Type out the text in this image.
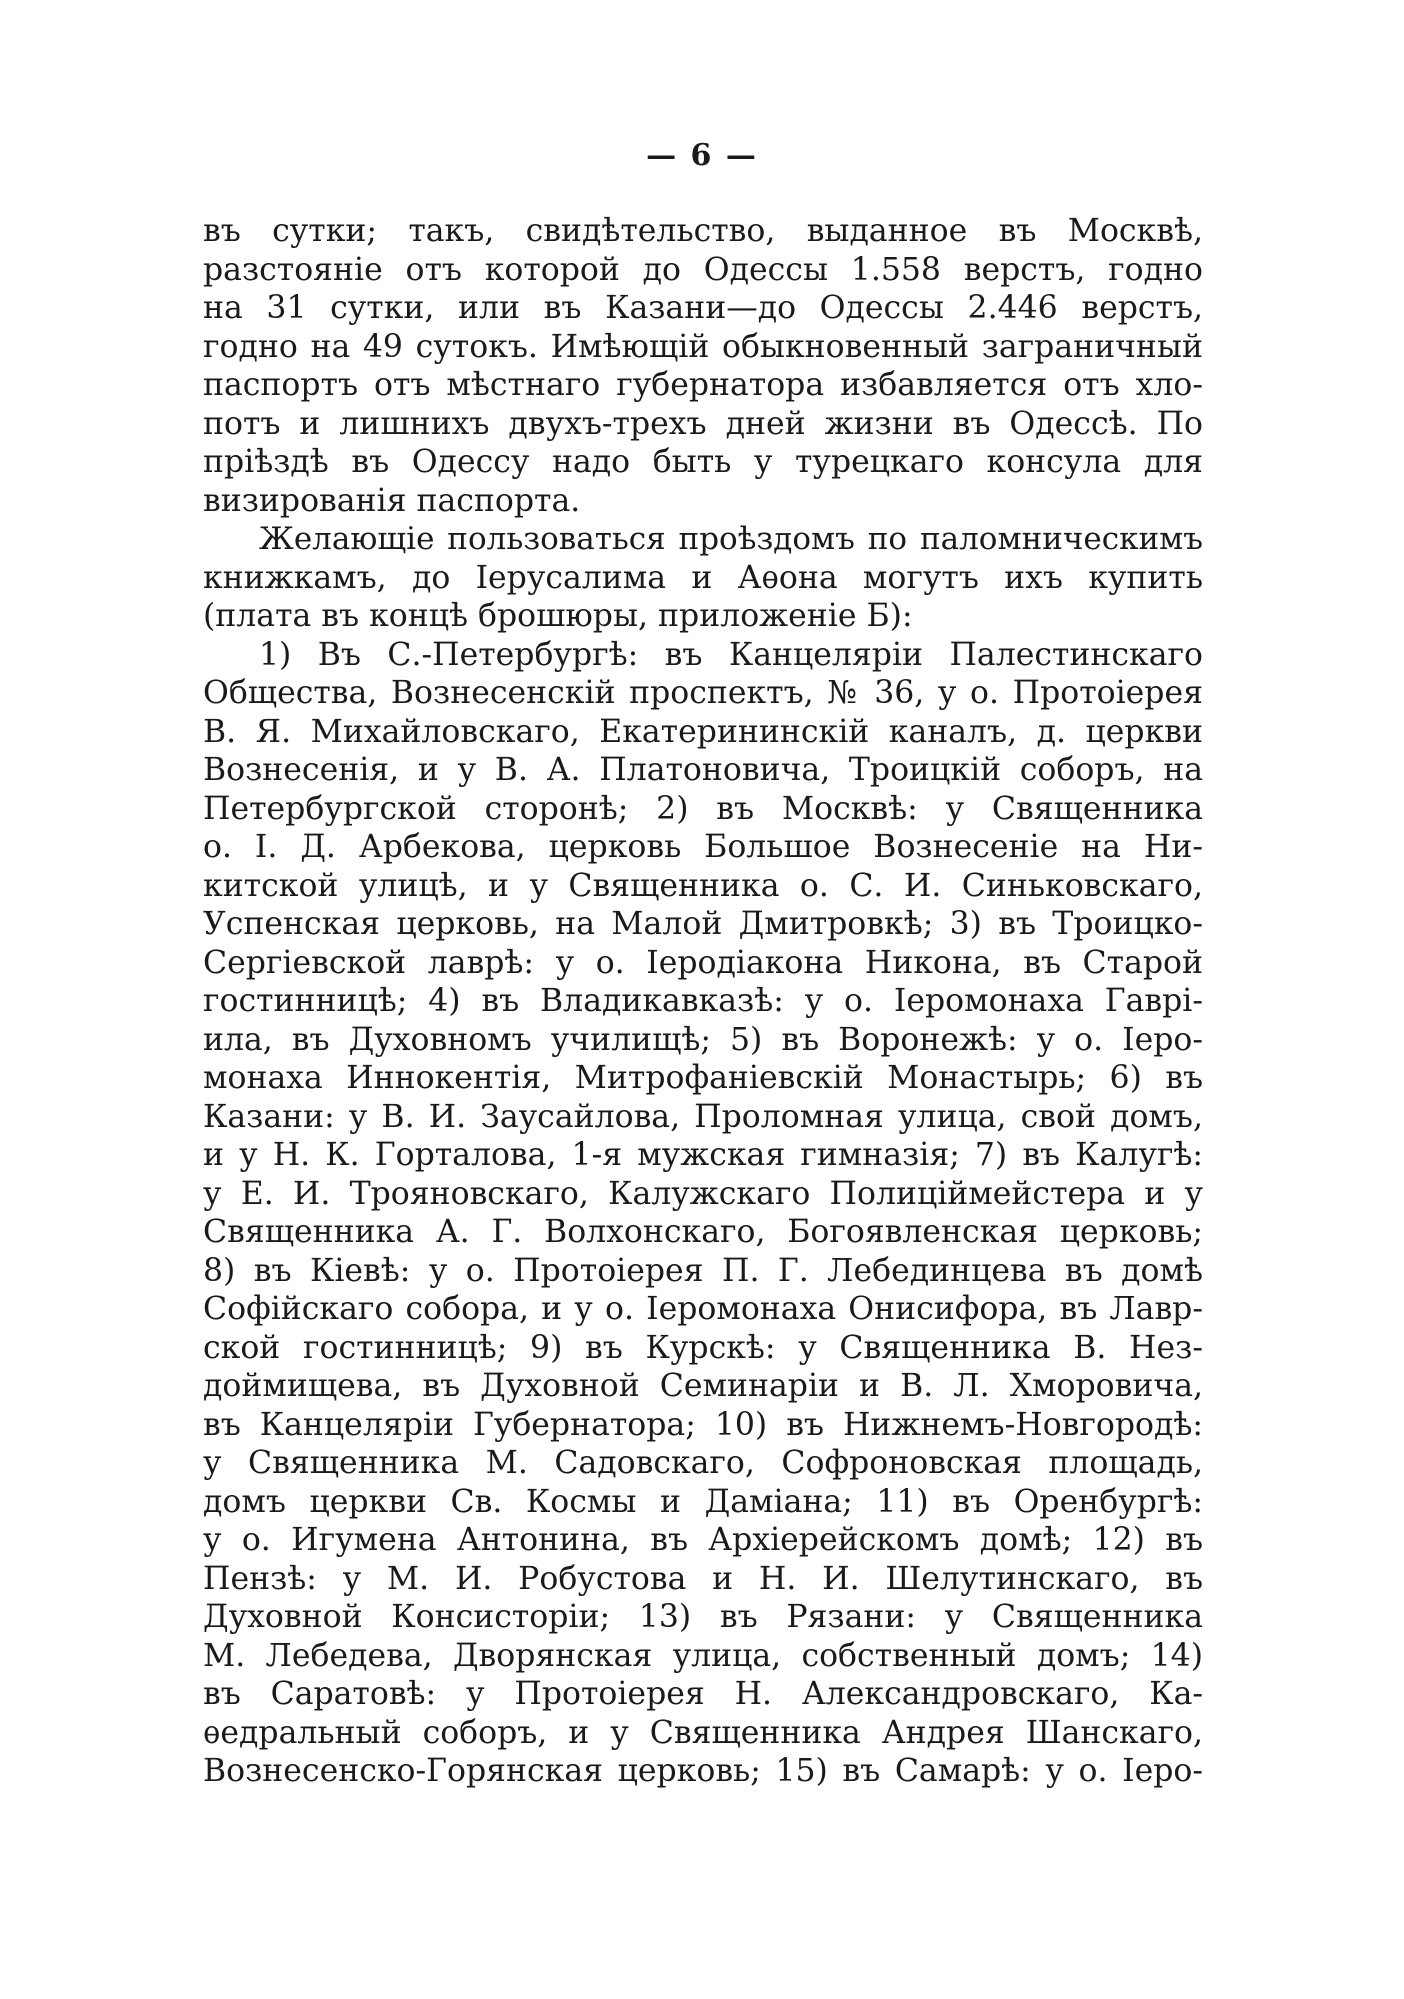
— 6 —
въ сутки; такъ, свидѣтельство, выданное въ Москвѣ,
разстояніе отъ которой до Одессы 1.558 верстъ, годно
на 31 сутки, или въ Казани—до Одессы 2.446 верстъ,
годно на 49 сутокъ. Имѣющій обыкновенный заграничный
паспортъ отъ мѣстнаго губернатора избавляется отъ хло-
потъ и лишнихъ двухъ-трехъ дней жизни въ Одессѣ. По
пріѣздѣ въ Одессу надо быть у турецкаго консула для
визированія паспорта.
Желающіе пользоваться проѣздомъ по паломническимъ
книжкамъ, до Іерусалима и Аѳона могутъ ихъ купить
(плата въ концѣ брошюры, приложеніе Б):
1) Въ С.-Петербургѣ: въ Канцеляріи Палестинскаго
Общества, Вознесенскій проспектъ, № 36, у о. Протоіерея
В. Я. Михайловскаго, Екатерининскій каналъ, д. церкви
Вознесенія, и у В. А. Платоновича, Троицкій соборъ, на
Петербургской сторонѣ; 2) въ Москвѣ: у Священника
о. І. Д. Арбекова, церковь Большое Вознесеніе на Ни-
китской улицѣ, и у Священника о. С. И. Синьковскаго,
Успенская церковь, на Малой Дмитровкѣ; 3) въ Троицко-
Сергіевской лаврѣ: у о. Іеродіакона Никона, въ Старой
гостинницѣ; 4) въ Владикавказѣ: у о. Іеромонаха Гаврі-
ила, въ Духовномъ училищѣ; 5) въ Воронежѣ: у о. Іеро-
монаха Иннокентія, Митрофаніевскій Монастырь; 6) въ
Казани: у В. И. Заусайлова, Проломная улица, свой домъ,
и у Н. К. Горталова, 1-я мужская гимназія; 7) въ Калугѣ:
у Е. И. Трояновскаго, Калужскаго Полиціймейстера и у
Священника А. Г. Волхонскаго, Богоявленская церковь;
8) въ Кіевѣ: у о. Протоіерея П. Г. Лебединцева въ домѣ
Софійскаго собора, и у о. Іеромонаха Онисифора, въ Лавр-
ской гостинницѣ; 9) въ Курскѣ: у Священника В. Нез-
доймищева, въ Духовной Семинаріи и В. Л. Хморовича,
въ Канцеляріи Губернатора; 10) въ Нижнемъ-Новгородѣ:
у Священника М. Садовскаго, Софроновская площадь,
домъ церкви Св. Космы и Даміана; 11) въ Оренбургѣ:
у о. Игумена Антонина, въ Архіерейскомъ домѣ; 12) въ
Пензѣ: у М. И. Робустова и Н. И. Шелутинскаго, въ
Духовной Консисторіи; 13) въ Рязани: у Священника
М. Лебедева, Дворянская улица, собственный домъ; 14)
въ Саратовѣ: у Протоіерея Н. Александровскаго, Ка-
ѳедральный соборъ, и у Священника Андрея Шанскаго,
Вознесенско-Горянская церковь; 15) въ Самарѣ: у о. Іеро-
